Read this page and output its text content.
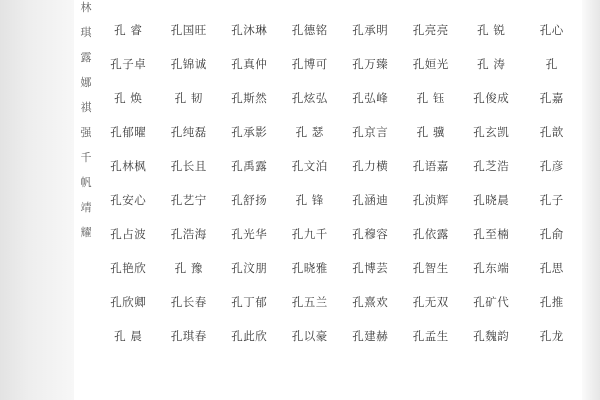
林
琪
露
娜
祺
强
千
帆
靖
耀
孔 睿	孔国旺	孔沐琳	孔德铭	孔承明	孔亮亮	孔 锐	孔心
孔子卓	孔锦诚	孔真仲	孔博可	孔万臻	孔姮光	孔 涛	孔
孔 焕	孔 韧	孔斯然	孔炫弘	孔弘峰	孔 钰	孔俊成	孔嘉
孔郁曜	孔纯磊	孔承影	孔 瑟	孔京言	孔 骥	孔玄凯	孔歆
孔林枫	孔长且	孔禹露	孔文泊	孔力横	孔语嘉	孔芝浩	孔彦
孔安心	孔艺宁	孔舒扬	孔 锋	孔涵迪	孔浈辉	孔晓晨	孔子
孔占波	孔浩海	孔光华	孔九千	孔穆容	孔依露	孔至楠	孔俞
孔艳欣	孔 豫	孔汶朋	孔晓雅	孔博芸	孔智生	孔东端	孔思
孔欣卿	孔长春	孔丁郁	孔五兰	孔熹欢	孔无双	孔矿代	孔推
孔 晨	孔琪春	孔此欣	孔以豪	孔建赫	孔孟生	孔魏韵	孔龙
